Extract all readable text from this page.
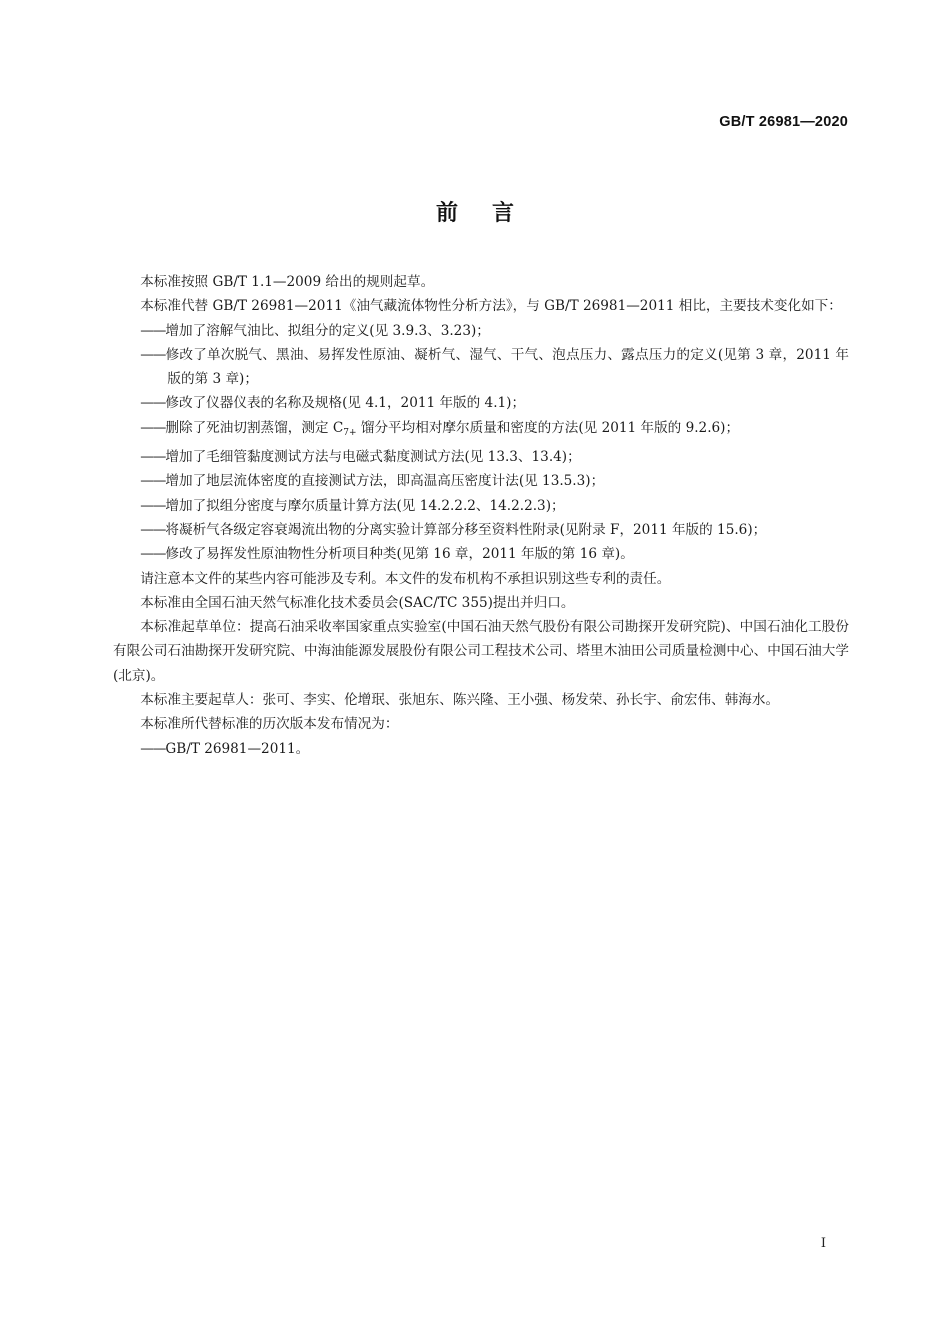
GB/T 26981—2020
前言

本标准按照 GB/T 1.1—2009 给出的规则起草。

本标准代替 GB/T 26981—2011《油气藏流体物性分析方法》，与 GB/T 26981—2011 相比，主要技术变化如下：

——增加了溶解气油比、拟组分的定义(见 3.9.3、3.23)；

——修改了单次脱气、黑油、易挥发性原油、凝析气、湿气、干气、泡点压力、露点压力的定义(见第 3 章，2011 年版的第 3 章)；

——修改了仪器仪表的名称及规格(见 4.1，2011 年版的 4.1)；

——删除了死油切割蒸馏，测定 $C_{7+}$ 馏分平均相对摩尔质量和密度的方法(见 2011 年版的 9.2.6)；

——增加了毛细管黏度测试方法与电磁式黏度测试方法(见 13.3、13.4)；

——增加了地层流体密度的直接测试方法，即高温高压密度计法(见 13.5.3)；

——增加了拟组分密度与摩尔质量计算方法(见 14.2.2.2、14.2.2.3)；

——将凝析气各级定容衰竭流出物的分离实验计算部分移至资料性附录(见附录 F，2011 年版的 15.6)；

——修改了易挥发性原油物性分析项目种类(见第 16 章，2011 年版的第 16 章)。

请注意本文件的某些内容可能涉及专利。本文件的发布机构不承担识别这些专利的责任。

本标准由全国石油天然气标准化技术委员会(SAC/TC 355)提出并归口。

本标准起草单位：提高石油采收率国家重点实验室(中国石油天然气股份有限公司勘探开发研究院)、中国石油化工股份有限公司石油勘探开发研究院、中海油能源发展股份有限公司工程技术公司、塔里木油田公司质量检测中心、中国石油大学(北京)。

本标准主要起草人：张可、李实、伦增珉、张旭东、陈兴隆、王小强、杨发荣、孙长宇、俞宏伟、韩海水。

本标准所代替标准的历次版本发布情况为：

——GB/T 26981—2011。

I
